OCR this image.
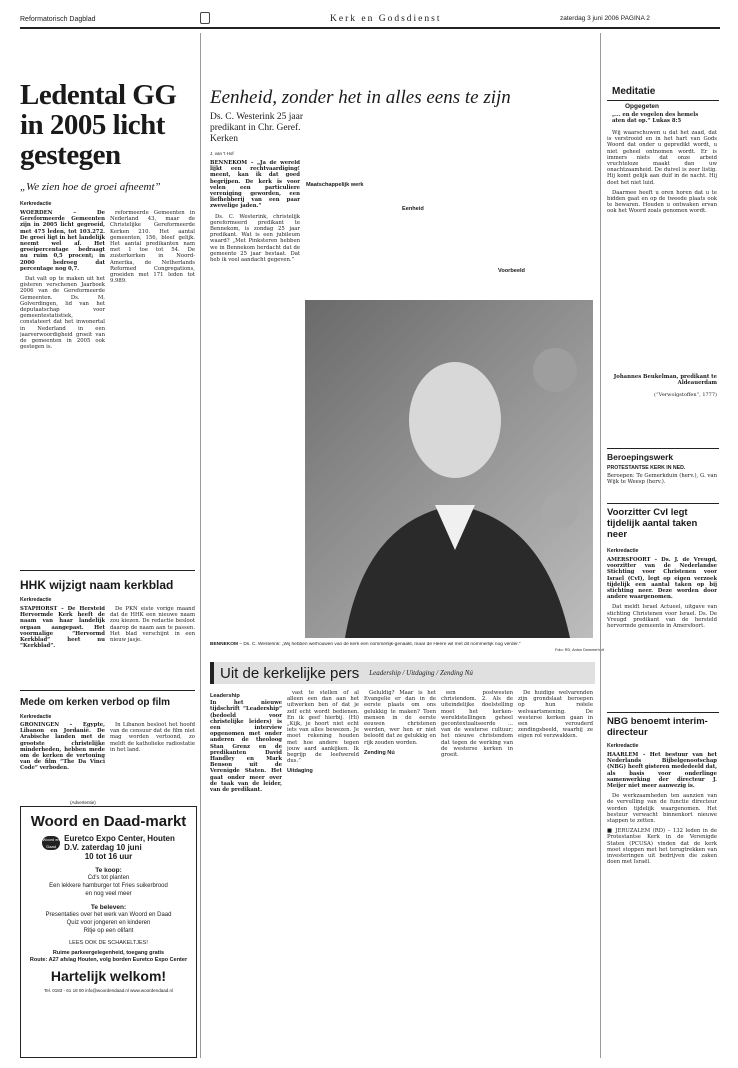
Reformatorisch Dagblad	Kerk en Godsdienst	zaterdag 3 juni 2006 PAGINA 2
Ledental GG in 2005 licht gestegen
„We zien hoe de groei afneemt”
Kerkredactie

WOERDEN – De Gereformeerde Gemeenten zijn in 2005 licht gegroeid, met 475 leden, tot 103.272. De groei ligt in het landelijk neemt wel af. Het groeipercentage bedraagt nu ruim 0,5 procent; in 2000 bedroeg dat percentage nog 0,7.

Dat valt op te maken uit het gisteren verschenen Jaarboek 2006 van de Gereformeerde Gemeenten. Ds. M. Golverdingen, lid van het deputaatschap voor gemeentestatistiek, constateert dat het inwonertal in Nederland in een jaarverwoordigheid groeit van de gemeenten in 2005 ook gestegen is.

reformeerde Gemeenten in Nederland 43, maar de Christelijke Gereformeerde Kerken 210. Het aantal gemeenten, 156, bleef gelijk. Het aantal predikanten nam met 1 toe tot 54. De zusterkerken in Noord-Amerika, de Netherlands Reformed Congregations, groeiden met 171 leden tot 9.989.

HHK wijzigt naam kerkblad
Kerkredactie

STAPHORST – De Hersteld Hervormde Kerk heeft de naam van haar landelijk orgaan aangepast. Het voormalige “Hervormd Kerkblad” heet nu “Kerkblad”.

De PKN eiste vorige maand dat de HHK een nieuwe naam zou kiezen. De redactie besloot daarop de naam aan te passen. Het blad verschijnt in een nieuw jasje.

Mede om kerken verbod op film
Kerkredactie

GRONINGEN – Egypte, Libanon en Jordanië. De Arabische landen met de grootste christelijke minderheden, hebben mede om de kerken de vertoning van de film “The Da Vinci Code” verboden.

In Libanon besloot het hoofd van de censuur dat de film niet mag worden vertoond, zo meldt de katholieke radiostatie in het land.

(Advertentie)
Woord en Daad-markt
Woord en Daad
Euretco Expo Center, Houten
D.V. zaterdag 10 juni
10 tot 16 uur
Te koop:
Cd's tot planten
Een lekkere hamburger tot Fries suikerbrood
en nog veel meer
Te beleven:
Presentaties over het werk van Woord en Daad
Quiz voor jongeren en kinderen
Ritje op een olifant
LEES OOK DE SCHAKELTJES!
Ruime parkeergelegenheid, toegang gratis
Route: A27 afslag Houten, volg borden Euretco Expo Center
Hartelijk welkom!
Tel. 0183 - 61 18 00 info@woordendaad.nl www.woordendaad.nl
Eenheid, zonder het in alles eens te zijn
Ds. C. Westerink 25 jaar predikant in Chr. Geref. Kerken
J. van 't Hof

BENNEKOM – „Ja de wereld lijkt een rechtvaardiging! meent, kan ik dat goed begrijpen. De kerk is voor velen een particuliere vereniging geworden, een liefhebberij van een paar zwevelige jaden.”

Ds. C. Westerink, christelijk gereformeerd predikant te Bennekom, is zondag 25 jaar predikant. Wat is een jubileum waard? „Met Pinksteren hebben we in Bennekom herdacht dat de gemeente 25 jaar bestaat. Dat heb ik veel aandacht gegeven.”

Maatschappelijk werk
Eenheid
Voorbeeld
BENNEKOM – Ds. C. Westerink: „Wij hebben we/houwen van de kerk een nommerlijk-genaakt, maar de Heere wil met dit nommerlijk nog verder.”
Foto: RD, Anton Dommerholt
Uit de kerkelijke pers Leadership / Uitdaging / Zending Nú
Leadership

In het nieuwe tijdschrift “Leadership” (bedoeld voor christelijke leiders) is een interview opgenomen met onder anderen de theoloog Stan Grenz en de predikanten David Handley en Mark Benson uit de Verenigde Staten. Het gaat onder meer over de taak van de leider, van de predikant.

vast te stellen of al alleen een dan aan het uitwerken ben of dat je zelf echt wordt bedienen. En ik geef hierbij. (Hi) „Kijk, je hoort niet echt iets van alles bewezen. Je moet rekening houden met hoe andere tegen jouw aard aankijken. Ik begrijp de leefwereld dus.”

Uitdaging

Geluldig? Maar is het Evangelie er dan in de eerste plaats om ons gelukkig te maken? Toen mensen in de eerste eeuwen christenen werden, wer hen er niet beloofd dat ze gelukkig en rijk zouden worden.

Zending Nú

een postwesten christendom. 2. Als de uiteindelijke doelstelling moet het kerken-wereldstellingen geheel gecontextualiseerde ... van de westerse cultuur; het nieuwe christendom dat tegen de werking van de westerse kerken in groeit.

De huidige welvarenden zijn grondslaat beroepen op hun reëele welvaartsmening. De westerse kerken gaan in een verouderd zendingsbeeld, waarbij ze eigen rol verzwakken.

Meditatie
Opgegeten
„... en de vogelen des hemels aten dat op.” Lukas 8:5

Wij waarschuwen u dat het zaad, dat is verstrooid en in het hart van Gods Woord dat onder u gepredikt wordt, u niet geheel ontnomen wordt. Er is immers niets dat onze arbeid vruchteloze maakt dan uw onachtzaamheid. De duivel is zeer listig. Hij komt gelijk aan duif in de nacht. Hij doet het niet luid.

Daarmee heeft u oren horen dat u te bidden gaat en op de tweede plaats ook te bewaren. Houden u ontwaken ervan ook het Woord zoals genomen wordt.

Johannes Beukelman, predikant te Aldeauerdam
(“Verwolgstoffen”, 1777)
Beroepingswerk
PROTESTANTSE KERK IN NED.

Beroepen: Te Gemerkduin (herv.), G. van Wijk te Weesp (herv.).

Voorzitter CvI legt tijdelijk aantal taken neer
Kerkredactie

AMERSFOORT – Ds. J. de Vreugd, voorzitter van de Nederlandse Stichting voor Christenen voor Israel (CvI), legt op eigen verzoek tijdelijk een aantal taken op bij stichting neer. Deze worden door andere waargenomen.

Dat meldt Israel Actueel, uitgave van stichting Christenen voor Israel. Ds. De Vreugd predikant van de hersteld hervormde gemeente in Amersfoort.

NBG benoemt interim-directeur
Kerkredactie

HAARLEM – Het bestuur van het Nederlands Bijbelgenootschap (NBG) heeft gisteren mededeeld dat, als basis voor onderlinge samenwerking der directeur J. Meijer niet meer aanwezig is.

De werkzaamheden ten aanzien van de vervulling van de functie directeur worden tijdelijk waargenomen. Het bestuur verwacht binnenkort nieuwe stappen te zetten.

■ JERUZALEM (RD) – 132 leden in de Protestantse Kerk in de Verenigde Staten (PCUSA) vinden dat de kerk moet stoppen met het terugtrekken van investeringen uit bedrijven die zaken doen met Israël.
